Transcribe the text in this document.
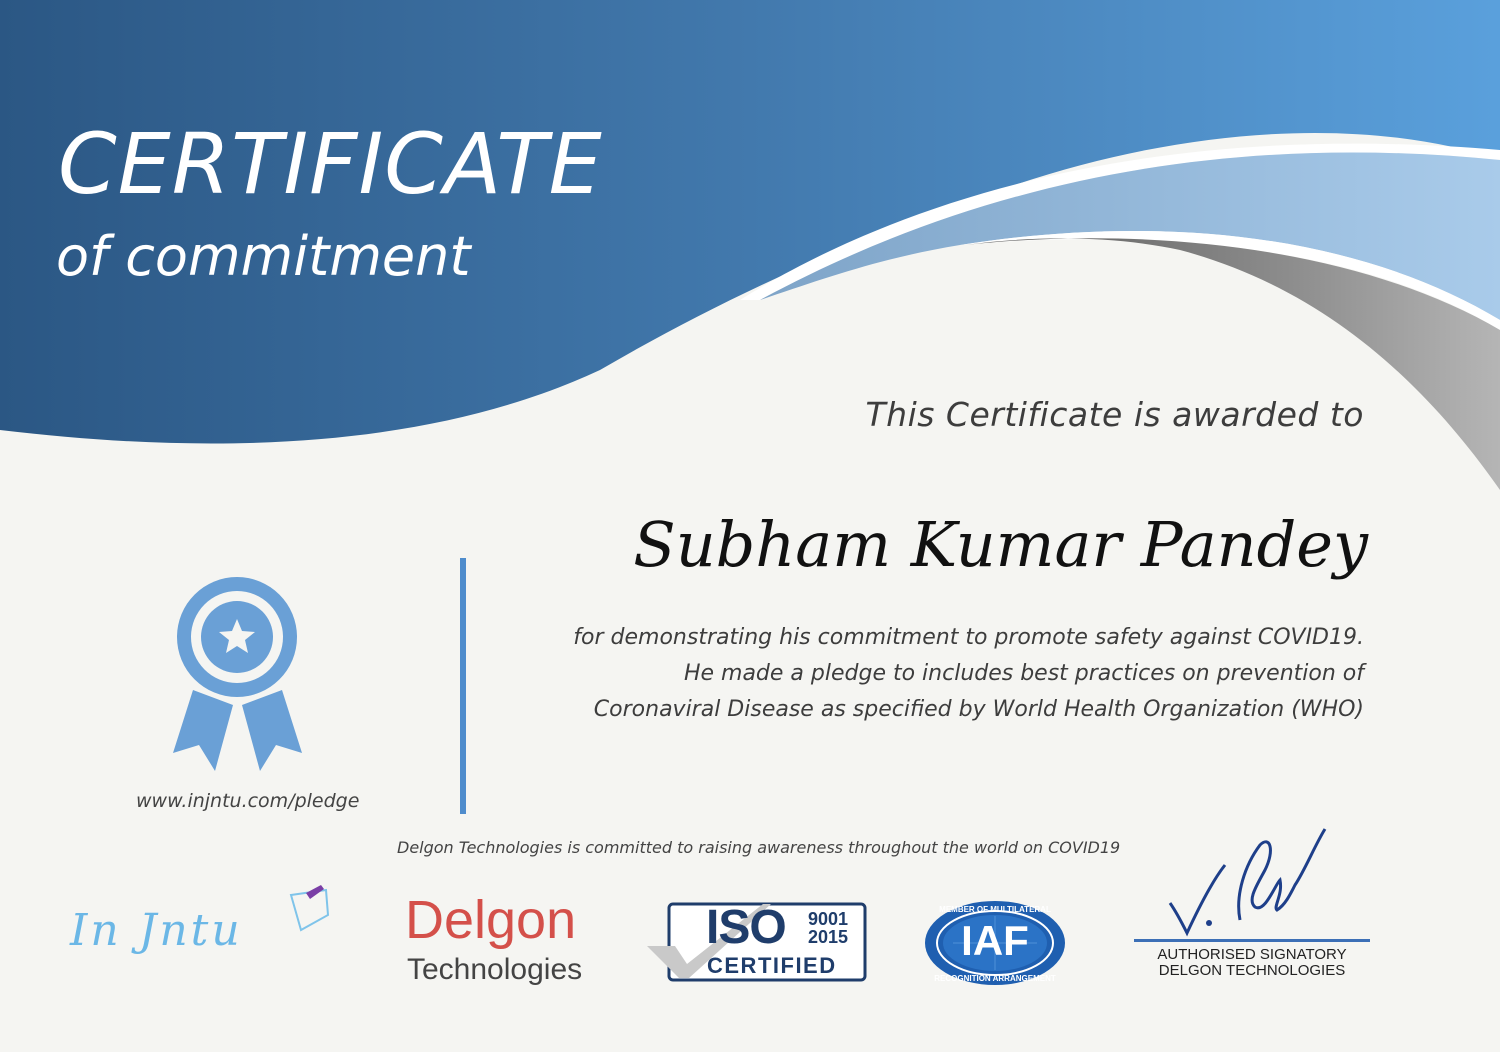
CERTIFICATE
of commitment
This Certificate is awarded to
Subham Kumar Pandey
for demonstrating his commitment to promote safety against COVID19.
He made a pledge to includes best practices on prevention of
Coronaviral Disease as specified by World Health Organization (WHO)
www.injntu.com/pledge
Delgon Technologies is committed to raising awareness throughout the world on COVID19
In Jntu	Delgon
Technologies
ISO 9001
2015
CERTIFIED
MEMBER OF MULTILATERAL
RECOGNITION ARRANGEMENT
IAF	AUTHORISED SIGNATORY
DELGON TECHNOLOGIES
